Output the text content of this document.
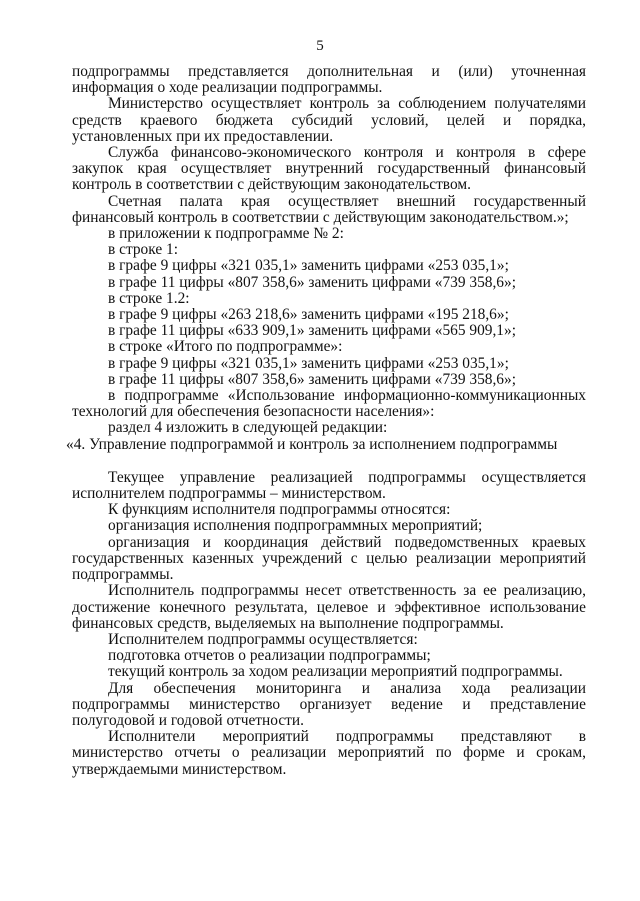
5

подпрограммы представляется дополнительная и (или) уточненная информация о ходе реализации подпрограммы.

Министерство осуществляет контроль за соблюдением получателями средств краевого бюджета субсидий условий, целей и порядка, установленных при их предоставлении.

Служба финансово-экономического контроля и контроля в сфере закупок края осуществляет внутренний государственный финансовый контроль в соответствии с действующим законодательством.

Счетная палата края осуществляет внешний государственный финансовый контроль в соответствии с действующим законодательством.»;

в приложении к подпрограмме № 2:

в строке 1:

в графе 9 цифры «321 035,1» заменить цифрами «253 035,1»;

в графе 11 цифры «807 358,6» заменить цифрами «739 358,6»;

в строке 1.2:

в графе 9 цифры «263 218,6» заменить цифрами «195 218,6»;

в графе 11 цифры «633 909,1» заменить цифрами «565 909,1»;

в строке «Итого по подпрограмме»:

в графе 9 цифры «321 035,1» заменить цифрами «253 035,1»;

в графе 11 цифры «807 358,6» заменить цифрами «739 358,6»;

в подпрограмме «Использование информационно-коммуникационных технологий для обеспечения безопасности населения»:

раздел 4 изложить в следующей редакции:

«4. Управление подпрограммой и контроль за исполнением подпрограммы

Текущее управление реализацией подпрограммы осуществляется исполнителем подпрограммы – министерством.

К функциям исполнителя подпрограммы относятся:

организация исполнения подпрограммных мероприятий;

организация и координация действий подведомственных краевых государственных казенных учреждений с целью реализации мероприятий подпрограммы.

Исполнитель подпрограммы несет ответственность за ее реализацию, достижение конечного результата, целевое и эффективное использование финансовых средств, выделяемых на выполнение подпрограммы.

Исполнителем подпрограммы осуществляется:

подготовка отчетов о реализации подпрограммы;

текущий контроль за ходом реализации мероприятий подпрограммы.

Для обеспечения мониторинга и анализа хода реализации подпрограммы министерство организует ведение и представление полугодовой и годовой отчетности.

Исполнители мероприятий подпрограммы представляют в министерство отчеты о реализации мероприятий по форме и срокам, утверждаемыми министерством.
